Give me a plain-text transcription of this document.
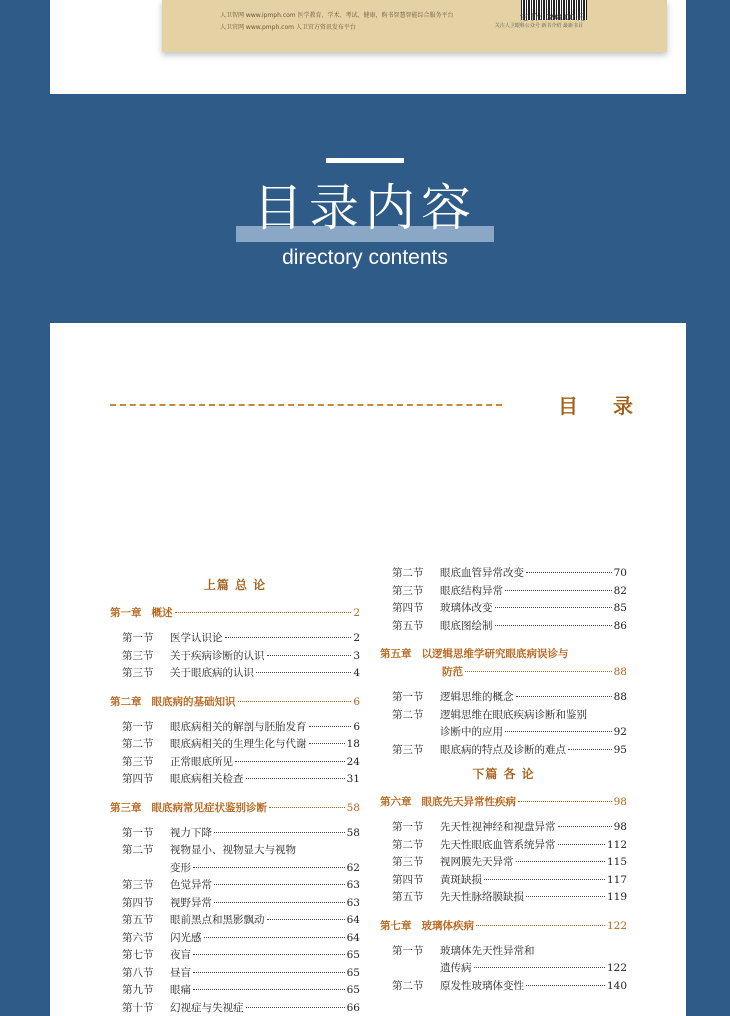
人卫智网 www.ipmph.com 医学教育、学术、考试、健康，购书智慧智能综合服务平台
人卫官网 www.pmph.com 人卫官方资讯发布平台	关注人卫眼科公众号 新书介绍 最新书目
定 价：398.00 元
目录内容
directory contents
目 录
上篇 总 论
第一章 概述	2
第一节	医学认识论	2
第三节	关于疾病诊断的认识	3
第三节	关于眼底病的认识	4
第二章 眼底病的基础知识	6
第一节	眼底病相关的解剖与胚胎发育	6
第二节	眼底病相关的生理生化与代谢	18
第三节	正常眼底所见	24
第四节	眼底病相关检查	31
第三章 眼底病常见症状鉴别诊断	58
第一节	视力下降	58
第二节	视物显小、视物显大与视物
变形	62
第三节	色觉异常	63
第四节	视野异常	63
第五节	眼前黑点和黑影飘动	64
第六节	闪光感	64
第七节	夜盲	65
第八节	昼盲	65
第九节	眼痛	65
第十节	幻视症与失视症	66
第二节	眼底血管异常改变	70
第三节	眼底结构异常	82
第四节	玻璃体改变	85
第五节	眼底图绘制	86
第五章 以逻辑思维学研究眼底病误诊与
防范	88
第一节	逻辑思维的概念	88
第二节	逻辑思维在眼底疾病诊断和鉴别
诊断中的应用	92
第三节	眼底病的特点及诊断的难点	95
下篇 各 论
第六章 眼底先天异常性疾病	98
第一节	先天性视神经和视盘异常	98
第二节	先天性眼底血管系统异常	112
第三节	视网膜先天异常	115
第四节	黄斑缺损	117
第五节	先天性脉络膜缺损	119
第七章 玻璃体疾病	122
第一节	玻璃体先天性异常和
遗传病	122
第二节	原发性玻璃体变性	140
